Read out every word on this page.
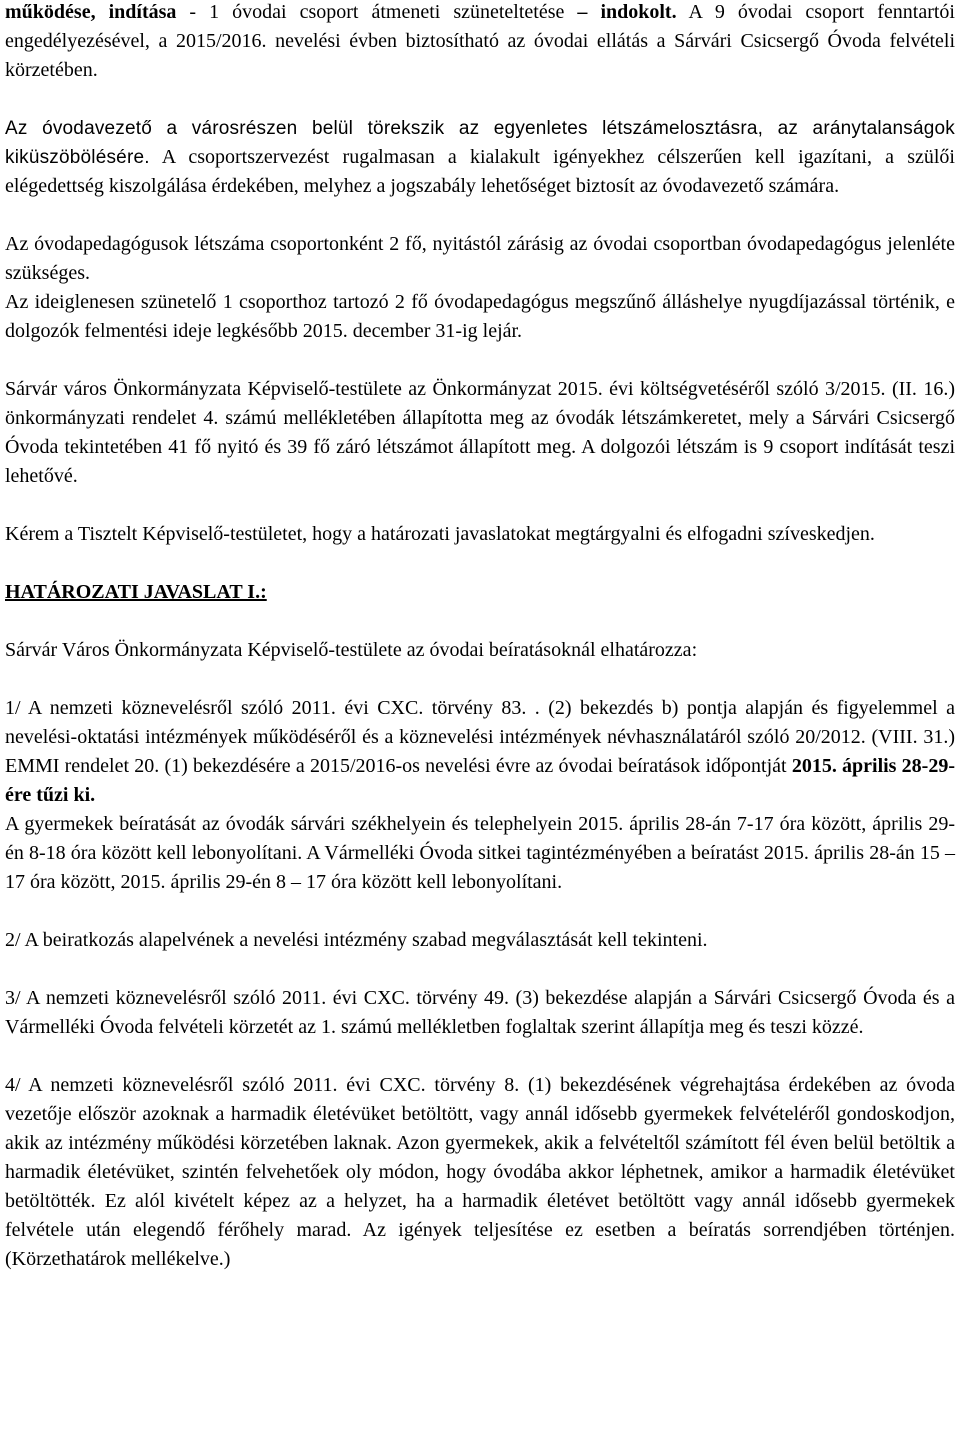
működése, indítása - 1 óvodai csoport átmeneti szüneteltetése – indokolt. A 9 óvodai csoport fenntartói engedélyezésével, a 2015/2016. nevelési évben biztosítható az óvodai ellátás a Sárvári Csicsergő Óvoda felvételi körzetében.

Az óvodavezető a városrészen belül törekszik az egyenletes létszámelosztásra, az aránytalanságok kiküszöbölésére. A csoportszervezést rugalmasan a kialakult igényekhez célszerűen kell igazítani, a szülői elégedettség kiszolgálása érdekében, melyhez a jogszabály lehetőséget biztosít az óvodavezető számára.

Az óvodapedagógusok létszáma csoportonként 2 fő, nyitástól zárásig az óvodai csoportban óvodapedagógus jelenléte szükséges.

Az ideiglenesen szünetelő 1 csoporthoz tartozó 2 fő óvodapedagógus megszűnő álláshelye nyugdíjazással történik, e dolgozók felmentési ideje legkésőbb 2015. december 31-ig lejár.

Sárvár város Önkormányzata Képviselő-testülete az Önkormányzat 2015. évi költségvetéséről szóló 3/2015. (II. 16.) önkormányzati rendelet 4. számú mellékletében állapította meg az óvodák létszámkeretet, mely a Sárvári Csicsergő Óvoda tekintetében 41 fő nyitó és 39 fő záró létszámot állapított meg. A dolgozói létszám is 9 csoport indítását teszi lehetővé.

Kérem a Tisztelt Képviselő-testületet, hogy a határozati javaslatokat megtárgyalni és elfogadni szíveskedjen.

HATÁROZATI JAVASLAT I.:

Sárvár Város Önkormányzata Képviselő-testülete az óvodai beíratásoknál elhatározza:

1/ A nemzeti köznevelésről szóló 2011. évi CXC. törvény 83. . (2) bekezdés b) pontja alapján és figyelemmel a nevelési-oktatási intézmények működéséről és a köznevelési intézmények névhasználatáról szóló 20/2012. (VIII. 31.) EMMI rendelet 20. (1) bekezdésére a 2015/2016-os nevelési évre az óvodai beíratások időpontját 2015. április 28-29-ére tűzi ki.

A gyermekek beíratását az óvodák sárvári székhelyein és telephelyein 2015. április 28-án 7-17 óra között, április 29-én 8-18 óra között kell lebonyolítani. A Vármelléki Óvoda sitkei tagintézményében a beíratást 2015. április 28-án 15 – 17 óra között, 2015. április 29-én 8 – 17 óra között kell lebonyolítani.

2/ A beiratkozás alapelvének a nevelési intézmény szabad megválasztását kell tekinteni.

3/ A nemzeti köznevelésről szóló 2011. évi CXC. törvény 49. (3) bekezdése alapján a Sárvári Csicsergő Óvoda és a Vármelléki Óvoda felvételi körzetét az 1. számú mellékletben foglaltak szerint állapítja meg és teszi közzé.

4/ A nemzeti köznevelésről szóló 2011. évi CXC. törvény 8. (1) bekezdésének végrehajtása érdekében az óvoda vezetője először azoknak a harmadik életévüket betöltött, vagy annál idősebb gyermekek felvételéről gondoskodjon, akik az intézmény működési körzetében laknak. Azon gyermekek, akik a felvételtől számított fél éven belül betöltik a harmadik életévüket, szintén felvehetőek oly módon, hogy óvodába akkor léphetnek, amikor a harmadik életévüket betöltötték. Ez alól kivételt képez az a helyzet, ha a harmadik életévet betöltött vagy annál idősebb gyermekek felvétele után elegendő férőhely marad. Az igények teljesítése ez esetben a beíratás sorrendjében történjen. (Körzethatárok mellékelve.)
